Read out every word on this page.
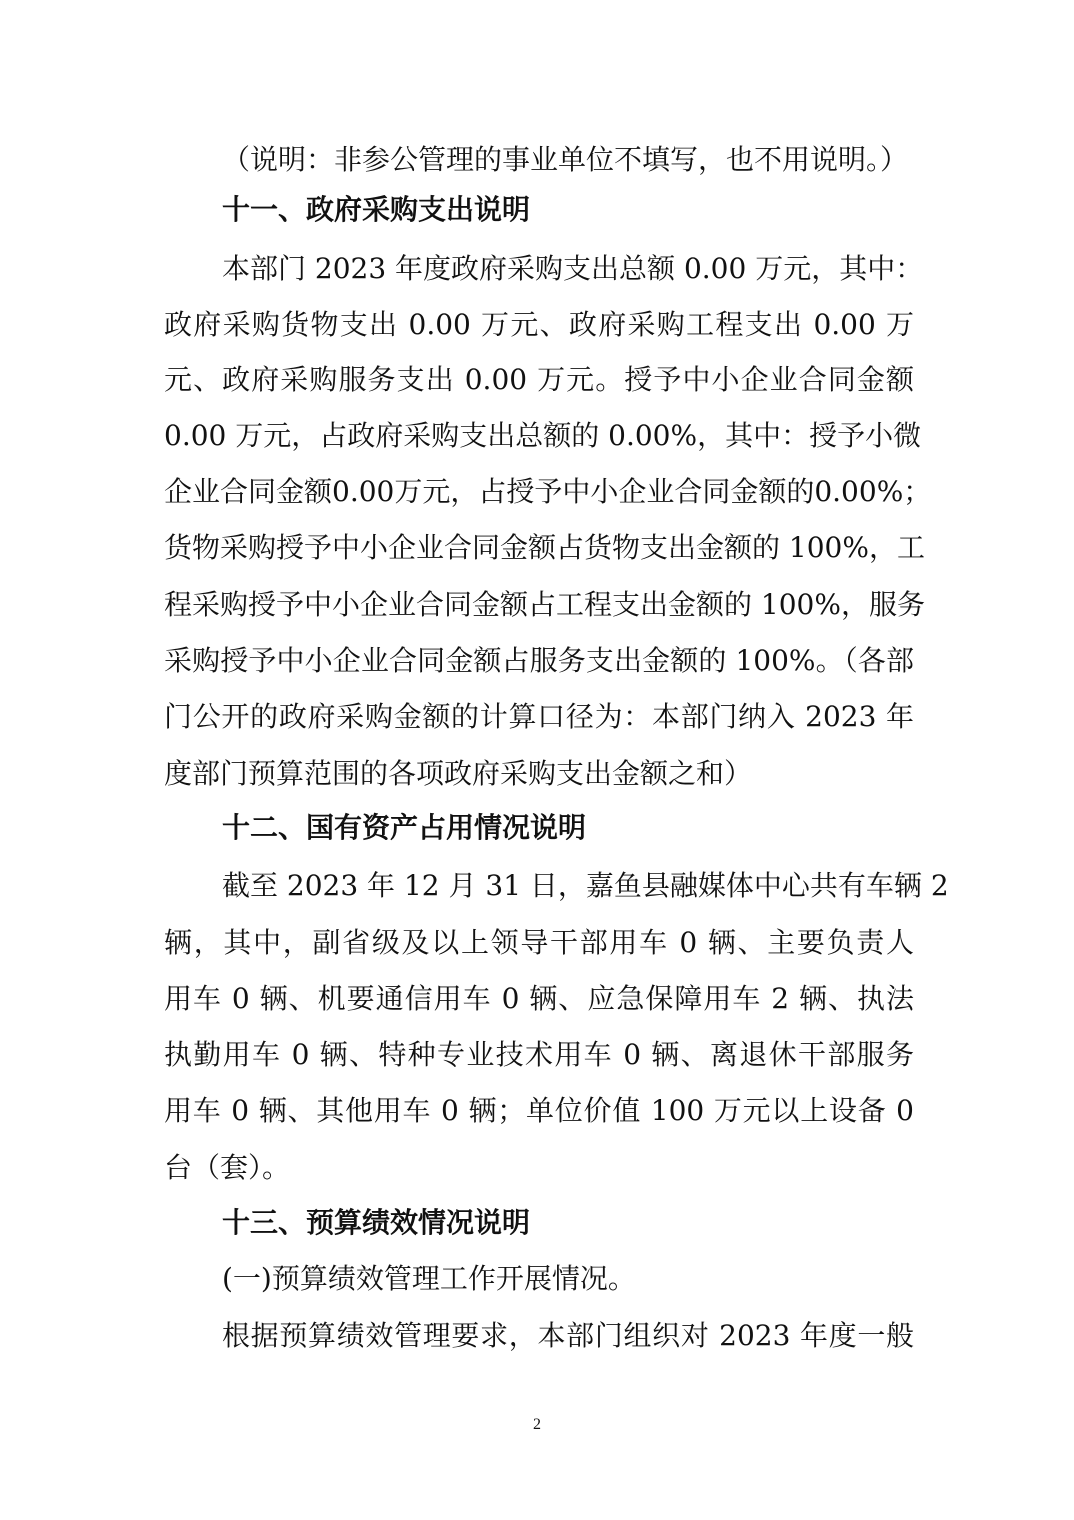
（说明：非参公管理的事业单位不填写，也不用说明。）
十一、政府采购支出说明
本部门 2023 年度政府采购支出总额 0.00 万元，其中：
政府采购货物支出 0.00 万元、政府采购工程支出 0.00 万
元、政府采购服务支出 0.00 万元。授予中小企业合同金额
0.00 万元，占政府采购支出总额的 0.00%，其中：授予小微
企业合同金额0.00万元，占授予中小企业合同金额的0.00%；
货物采购授予中小企业合同金额占货物支出金额的 100%，工
程采购授予中小企业合同金额占工程支出金额的 100%，服务
采购授予中小企业合同金额占服务支出金额的 100%。（各部
门公开的政府采购金额的计算口径为：本部门纳入 2023 年
度部门预算范围的各项政府采购支出金额之和）
十二、国有资产占用情况说明
截至 2023 年 12 月 31 日，嘉鱼县融媒体中心共有车辆 2
辆，其中，副省级及以上领导干部用车 0 辆、主要负责人
用车 0 辆、机要通信用车 0 辆、应急保障用车 2 辆、执法
执勤用车 0 辆、特种专业技术用车 0 辆、离退休干部服务
用车 0 辆、其他用车 0 辆；单位价值 100 万元以上设备 0
台（套）。
十三、预算绩效情况说明
(一)预算绩效管理工作开展情况。
根据预算绩效管理要求，本部门组织对 2023 年度一般
2
